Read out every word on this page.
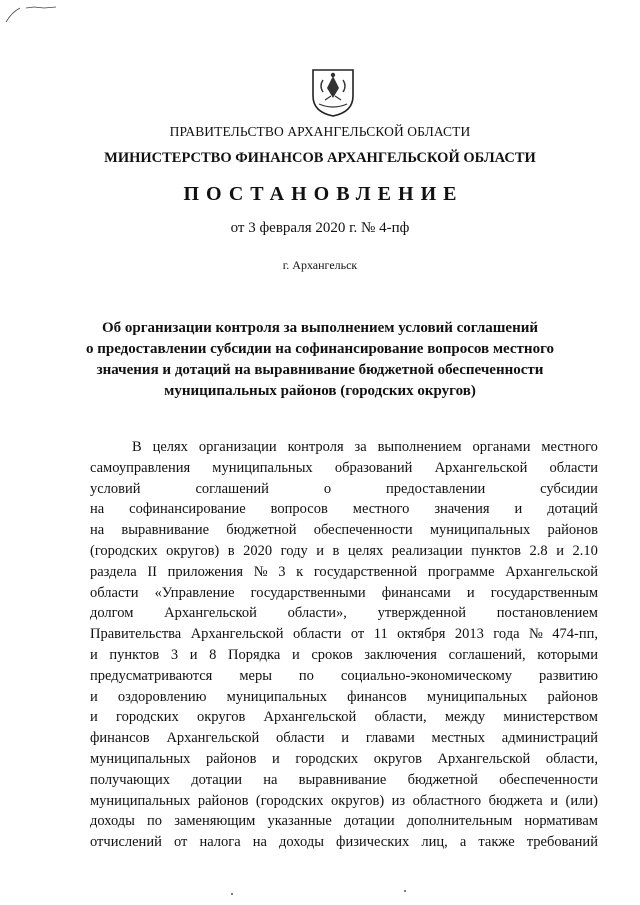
ПРАВИТЕЛЬСТВО АРХАНГЕЛЬСКОЙ ОБЛАСТИ
МИНИСТЕРСТВО ФИНАНСОВ АРХАНГЕЛЬСКОЙ ОБЛАСТИ
ПОСТАНОВЛЕНИЕ
от 3 февраля 2020 г. № 4-пф
г. Архангельск
Об организации контроля за выполнением условий соглашений
о предоставлении субсидии на софинансирование вопросов местного
значения и дотаций на выравнивание бюджетной обеспеченности
муниципальных районов (городских округов)
В целях организации контроля за выполнением органами местного
самоуправления муниципальных образований Архангельской области
условий	соглашений	о	предоставлении	субсидии
на софинансирование вопросов местного значения и дотаций
на выравнивание бюджетной обеспеченности муниципальных районов
(городских округов) в 2020 году и в целях реализации пунктов 2.8 и 2.10
раздела II приложения № 3 к государственной программе Архангельской
области «Управление государственными финансами и государственным
долгом Архангельской области», утвержденной постановлением
Правительства Архангельской области от 11 октября 2013 года № 474-пп,
и пунктов 3 и 8 Порядка и сроков заключения соглашений, которыми
предусматриваются меры по социально-экономическому развитию
и оздоровлению муниципальных финансов муниципальных районов
и городских округов Архангельской области, между министерством
финансов Архангельской области и главами местных администраций
муниципальных районов и городских округов Архангельской области,
получающих дотации на выравнивание бюджетной обеспеченности
муниципальных районов (городских округов) из областного бюджета и (или)
доходы по заменяющим указанные дотации дополнительным нормативам
отчислений от налога на доходы физических лиц, а также требований
